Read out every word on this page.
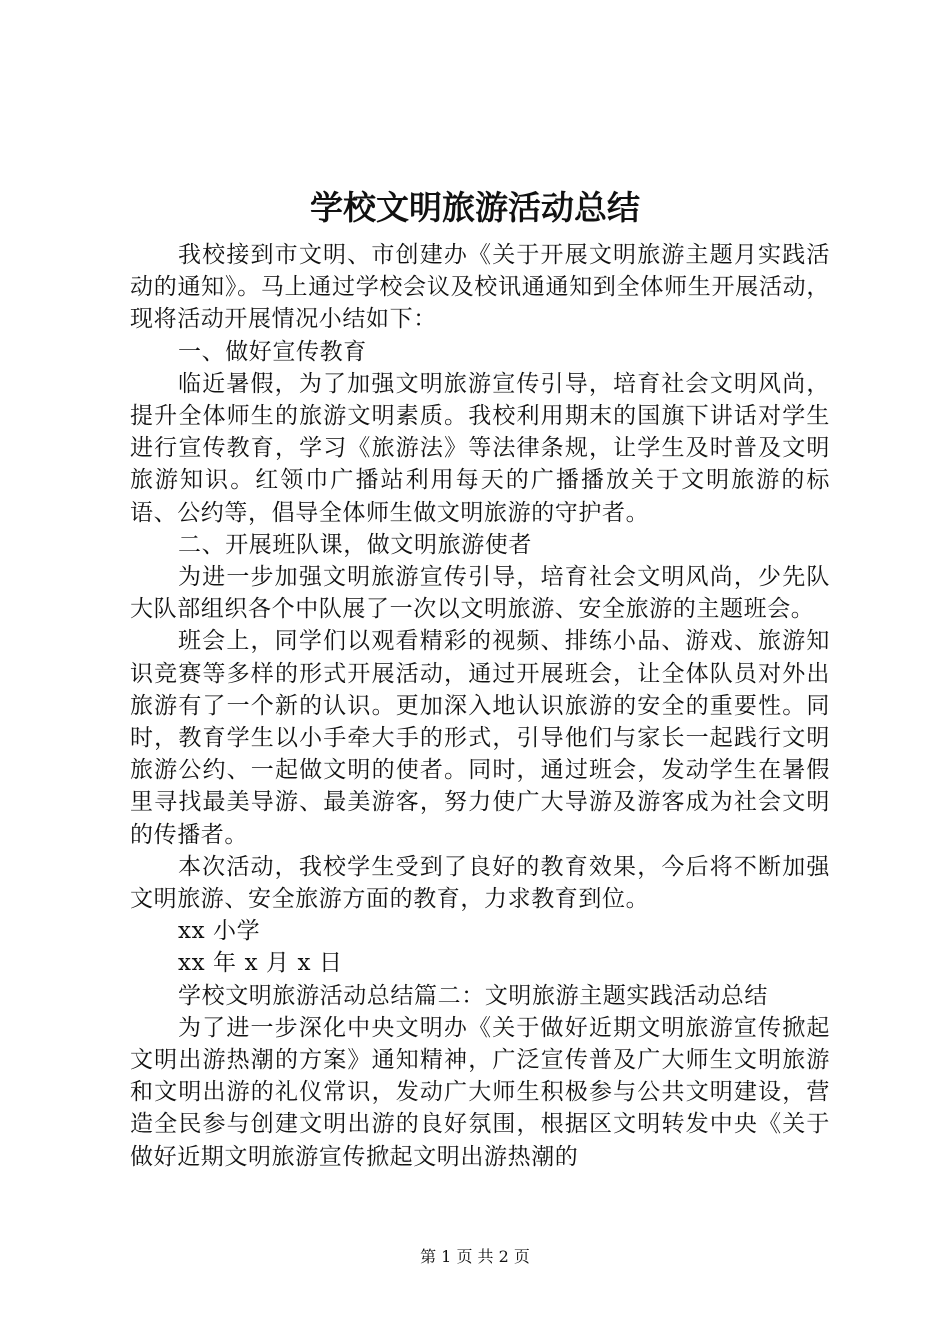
学校文明旅游活动总结

我校接到市文明、市创建办《关于开展文明旅游主题月实践活动的通知》。马上通过学校会议及校讯通通知到全体师生开展活动，现将活动开展情况小结如下：

一、做好宣传教育

临近暑假，为了加强文明旅游宣传引导，培育社会文明风尚，提升全体师生的旅游文明素质。我校利用期末的国旗下讲话对学生进行宣传教育，学习《旅游法》等法律条规，让学生及时普及文明旅游知识。红领巾广播站利用每天的广播播放关于文明旅游的标语、公约等，倡导全体师生做文明旅游的守护者。

二、开展班队课，做文明旅游使者

为进一步加强文明旅游宣传引导，培育社会文明风尚，少先队大队部组织各个中队展了一次以文明旅游、安全旅游的主题班会。

班会上，同学们以观看精彩的视频、排练小品、游戏、旅游知识竞赛等多样的形式开展活动，通过开展班会，让全体队员对外出旅游有了一个新的认识。更加深入地认识旅游的安全的重要性。同时，教育学生以小手牵大手的形式，引导他们与家长一起践行文明旅游公约、一起做文明的使者。同时，通过班会，发动学生在暑假里寻找最美导游、最美游客，努力使广大导游及游客成为社会文明的传播者。

本次活动，我校学生受到了良好的教育效果，今后将不断加强文明旅游、安全旅游方面的教育，力求教育到位。

xx 小学

xx 年 x 月 x 日

学校文明旅游活动总结篇二：文明旅游主题实践活动总结

为了进一步深化中央文明办《关于做好近期文明旅游宣传掀起文明出游热潮的方案》通知精神，广泛宣传普及广大师生文明旅游和文明出游的礼仪常识，发动广大师生积极参与公共文明建设，营造全民参与创建文明出游的良好氛围，根据区文明转发中央《关于做好近期文明旅游宣传掀起文明出游热潮的

第 1 页 共 2 页
